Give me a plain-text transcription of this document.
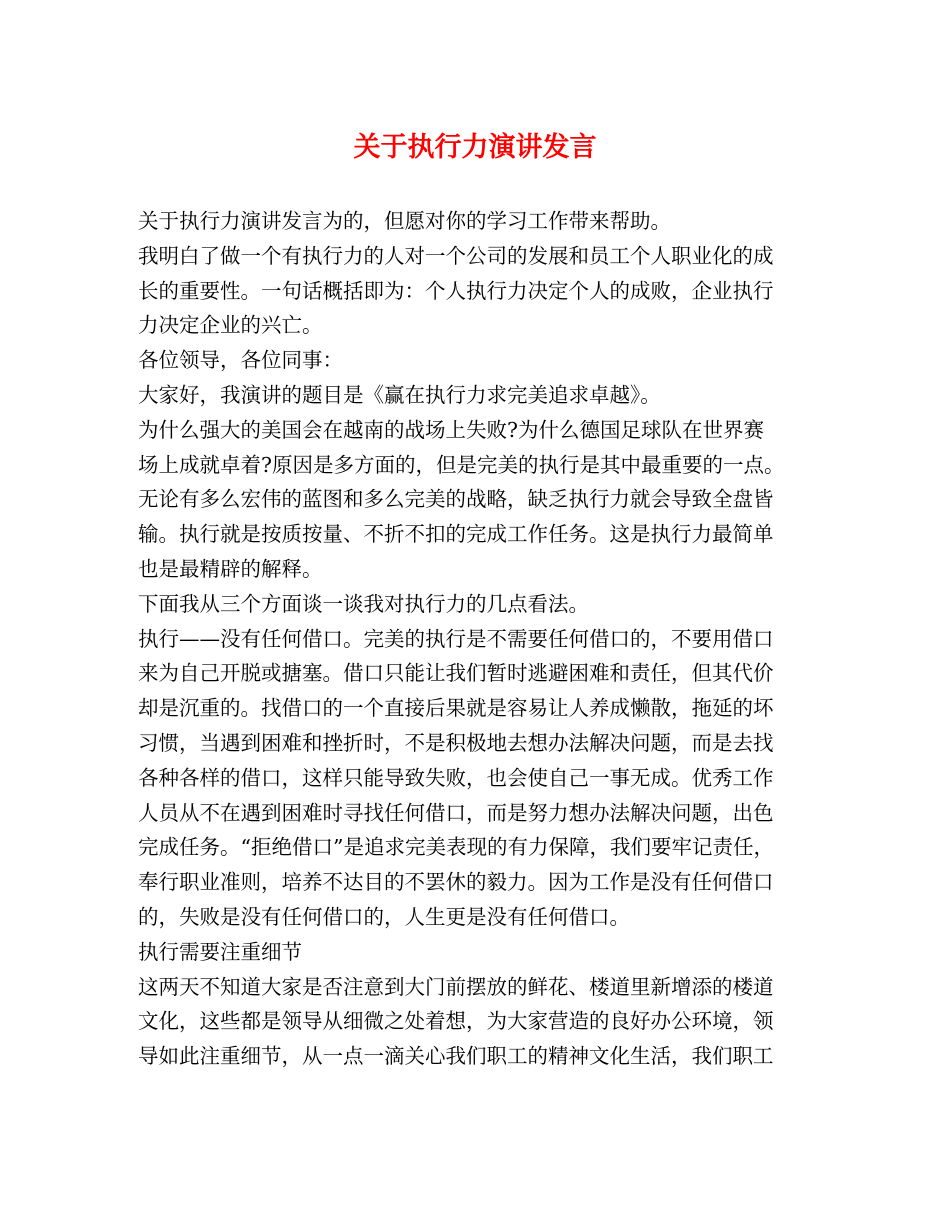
关于执行力演讲发言
关于执行力演讲发言为的，但愿对你的学习工作带来帮助。
我明白了做一个有执行力的人对一个公司的发展和员工个人职业化的成
长的重要性。一句话概括即为：个人执行力决定个人的成败，企业执行
力决定企业的兴亡。
各位领导，各位同事：
大家好，我演讲的题目是《赢在执行力求完美追求卓越》。
为什么强大的美国会在越南的战场上失败?为什么德国足球队在世界赛
场上成就卓着?原因是多方面的，但是完美的执行是其中最重要的一点。
无论有多么宏伟的蓝图和多么完美的战略，缺乏执行力就会导致全盘皆
输。执行就是按质按量、不折不扣的完成工作任务。这是执行力最简单
也是最精辟的解释。
下面我从三个方面谈一谈我对执行力的几点看法。
执行——没有任何借口。完美的执行是不需要任何借口的，不要用借口
来为自己开脱或搪塞。借口只能让我们暂时逃避困难和责任，但其代价
却是沉重的。找借口的一个直接后果就是容易让人养成懒散，拖延的坏
习惯，当遇到困难和挫折时，不是积极地去想办法解决问题，而是去找
各种各样的借口，这样只能导致失败，也会使自己一事无成。优秀工作
人员从不在遇到困难时寻找任何借口，而是努力想办法解决问题，出色
完成任务。“拒绝借口”是追求完美表现的有力保障，我们要牢记责任，
奉行职业准则，培养不达目的不罢休的毅力。因为工作是没有任何借口
的，失败是没有任何借口的，人生更是没有任何借口。
执行需要注重细节
这两天不知道大家是否注意到大门前摆放的鲜花、楼道里新增添的楼道
文化，这些都是领导从细微之处着想，为大家营造的良好办公环境，领
导如此注重细节，从一点一滴关心我们职工的精神文化生活，我们职工
